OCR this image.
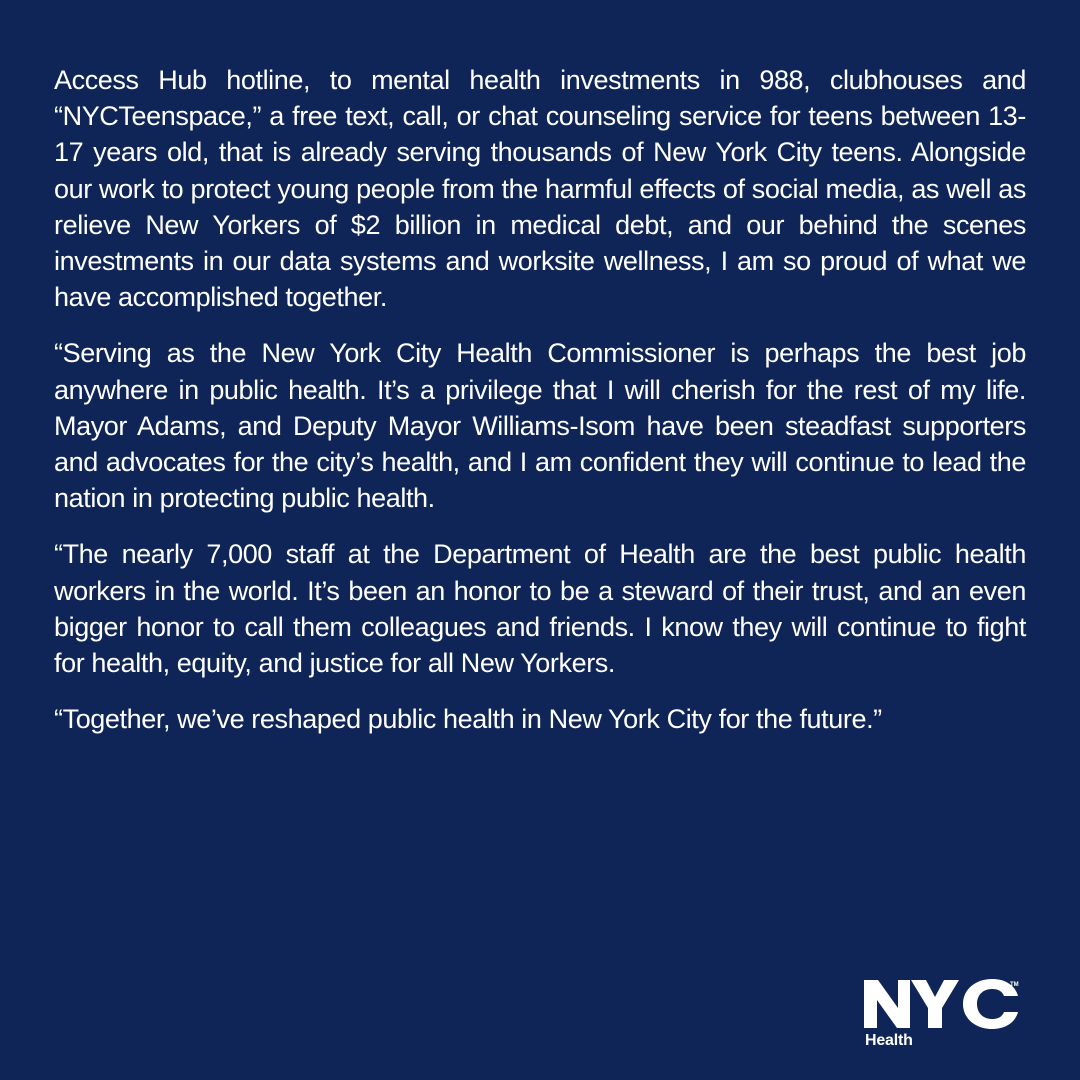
Access Hub hotline, to mental health investments in 988, clubhouses and “NYCTeenspace,” a free text, call, or chat counseling service for teens between 13-17 years old, that is already serving thousands of New York City teens. Alongside our work to protect young people from the harmful effects of social media, as well as relieve New Yorkers of $2 billion in medical debt, and our behind the scenes investments in our data systems and worksite wellness, I am so proud of what we have accomplished together.

“Serving as the New York City Health Commissioner is perhaps the best job anywhere in public health. It’s a privilege that I will cherish for the rest of my life. Mayor Adams, and Deputy Mayor Williams-Isom have been steadfast supporters and advocates for the city’s health, and I am confident they will continue to lead the nation in protecting public health.

“The nearly 7,000 staff at the Department of Health are the best public health workers in the world. It’s been an honor to be a steward of their trust, and an even bigger honor to call them colleagues and friends. I know they will continue to fight for health, equity, and justice for all New Yorkers.

“Together, we’ve reshaped public health in New York City for the future.”

TM
Health
